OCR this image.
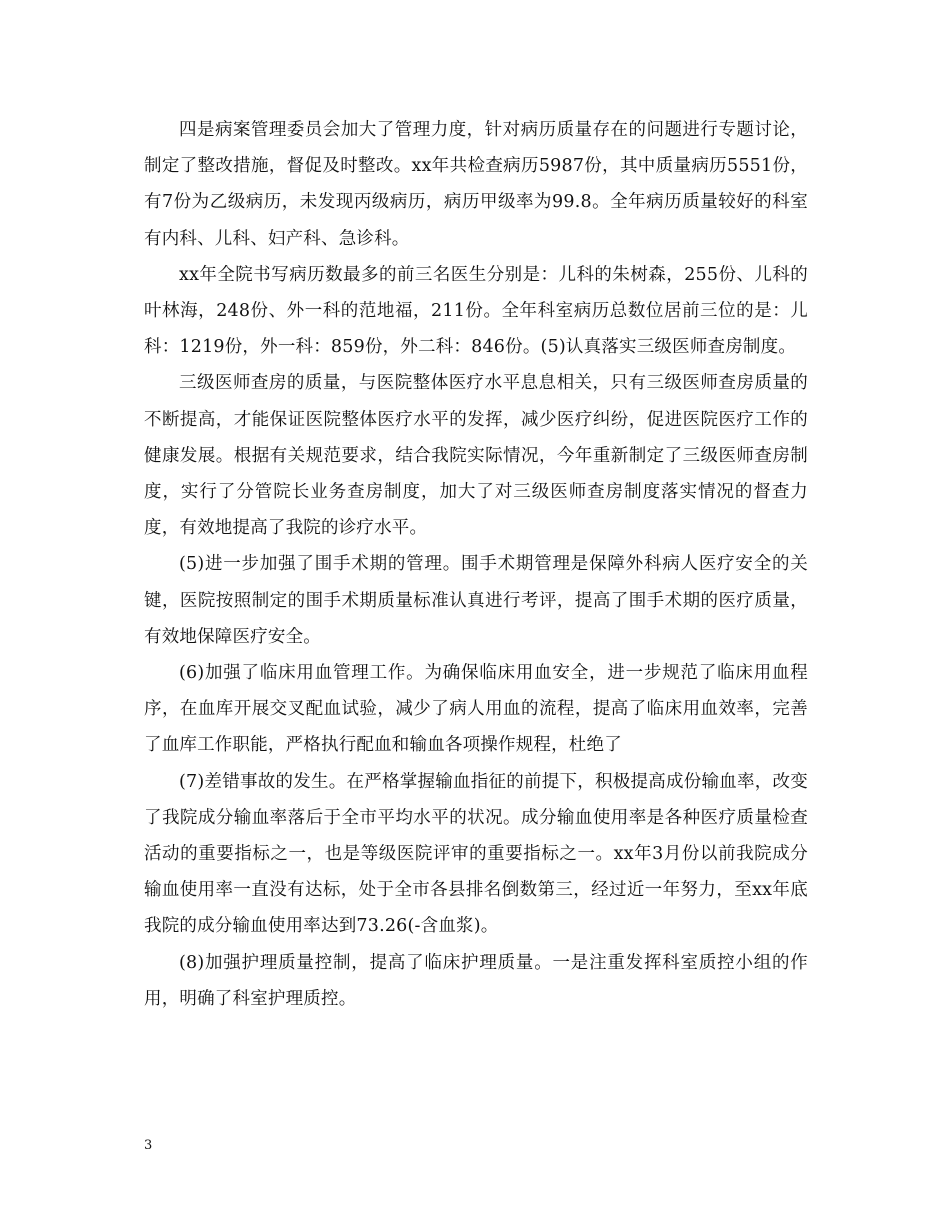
四是病案管理委员会加大了管理力度，针对病历质量存在的问题进行专题讨论，制定了整改措施，督促及时整改。xx年共检查病历5987份，其中质量病历5551份，有7份为乙级病历，未发现丙级病历，病历甲级率为99.8。全年病历质量较好的科室有内科、儿科、妇产科、急诊科。

xx年全院书写病历数最多的前三名医生分别是：儿科的朱树森，255份、儿科的叶林海，248份、外一科的范地福，211份。全年科室病历总数位居前三位的是：儿科：1219份，外一科：859份，外二科：846份。(5)认真落实三级医师查房制度。

三级医师查房的质量，与医院整体医疗水平息息相关，只有三级医师查房质量的不断提高，才能保证医院整体医疗水平的发挥，减少医疗纠纷，促进医院医疗工作的健康发展。根据有关规范要求，结合我院实际情况，今年重新制定了三级医师查房制度，实行了分管院长业务查房制度，加大了对三级医师查房制度落实情况的督查力度，有效地提高了我院的诊疗水平。

(5)进一步加强了围手术期的管理。围手术期管理是保障外科病人医疗安全的关键，医院按照制定的围手术期质量标准认真进行考评，提高了围手术期的医疗质量，有效地保障医疗安全。

(6)加强了临床用血管理工作。为确保临床用血安全，进一步规范了临床用血程序，在血库开展交叉配血试验，减少了病人用血的流程，提高了临床用血效率，完善了血库工作职能，严格执行配血和输血各项操作规程，杜绝了

(7)差错事故的发生。在严格掌握输血指征的前提下，积极提高成份输血率，改变了我院成分输血率落后于全市平均水平的状况。成分输血使用率是各种医疗质量检查活动的重要指标之一，也是等级医院评审的重要指标之一。xx年3月份以前我院成分输血使用率一直没有达标，处于全市各县排名倒数第三，经过近一年努力，至xx年底我院的成分输血使用率达到73.26(-含血浆)。

(8)加强护理质量控制，提高了临床护理质量。一是注重发挥科室质控小组的作用，明确了科室护理质控。

3
